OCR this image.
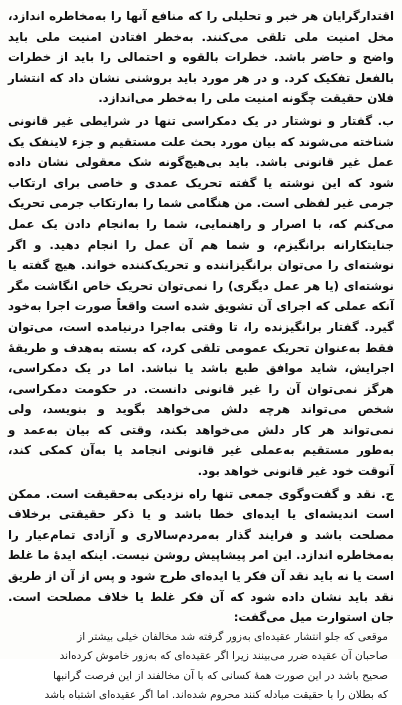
اقتدارگرایان هر خبر و تحلیلی را که منافع آنها را به‌مخاطره اندازد، مخل امنیت ملی تلقی می‌کنند. به‌خطر افتادن امنیت ملی باید واضح و حاضر باشد. خطرات بالقوه و احتمالی را باید از خطرات بالفعل تفکیک کرد. و در هر مورد باید بروشنی نشان داد که انتشار فلان حقیقت چگونه امنیت ملی را به‌خطر می‌اندازد.

ب. گفتار و نوشتار در یک دمکراسی تنها در شرایطی غیر قانونی شناخته می‌شوند که بیان مورد بحث علت مستقیم و جزء لاینفک یک عمل غیر قانونی باشد. باید بی‌هیچ‌گونه شک معقولی نشان داده شود که این نوشته یا گفته تحریک عمدی و خاصی برای ارتکاب جرمی غیر لفظی است. من هنگامی شما را به‌ارتکاب جرمی تحریک می‌کنم که، با اصرار و راهنمایی، شما را به‌انجام دادن یک عمل جنایتکارانه برانگیزم، و شما هم آن عمل را انجام دهید. و اگر نوشته‌ای را می‌توان برانگیزاننده و تحریک‌کننده خواند. هیچ گفته یا نوشته‌ای (یا هر عمل دیگری) را نمی‌توان تحریک خاص انگاشت مگر آنکه عملی که اجرای آن تشویق شده است واقعاً صورت اجرا به‌خود گیرد. گفتار برانگیزنده را، تا وقتی به‌اجرا درنیامده است، می‌توان فقط به‌عنوان تحریک عمومی تلقی کرد، که بسته به‌هدف و طریقهٔ اجرایش، شاید موافق طبع باشد یا نباشد. اما در یک دمکراسی، هرگز نمی‌توان آن را غیر قانونی دانست. در حکومت دمکراسی، شخص می‌تواند هرچه دلش می‌خواهد بگوید و بنویسد، ولی نمی‌تواند هر کار دلش می‌خواهد بکند، وقتی که بیان به‌عمد و به‌طور مستقیم به‌عملی غیر قانونی انجامد یا به‌آن کمکی کند، آنوقت خود غیر قانونی خواهد بود.

ج. نقد و گفت‌وگوی جمعی تنها راه نزدیکی به‌حقیقت است. ممکن است اندیشه‌ای یا ایده‌ای خطا باشد و یا ذکر حقیقتی برخلاف مصلحت باشد و فرایند گذار به‌مردم‌سالاری و آزادی تمام‌عیار را به‌مخاطره اندازد. این امر پیشاپیش روشن نیست. اینکه ایدهٔ ما غلط است یا نه باید نقد آن فکر یا ایده‌ای طرح شود و پس از آن از طریق نقد باید نشان داده شود که آن فکر غلط یا خلاف مصلحت است. جان استوارت میل می‌گفت:

موقعی که جلو انتشار عقیده‌ای به‌زور گرفته شد مخالفان خیلی بیشتر از
صاحبان آن عقیده ضرر می‌بینند زیرا اگر عقیده‌ای که به‌زور خاموش کرده‌اند
صحیح باشد در این صورت همهٔ کسانی که با آن مخالفند از این فرصت گرانبها
که بطلان را با حقیقت مبادله کنند محروم شده‌اند. اما اگر عقیده‌ای اشتباه باشد
